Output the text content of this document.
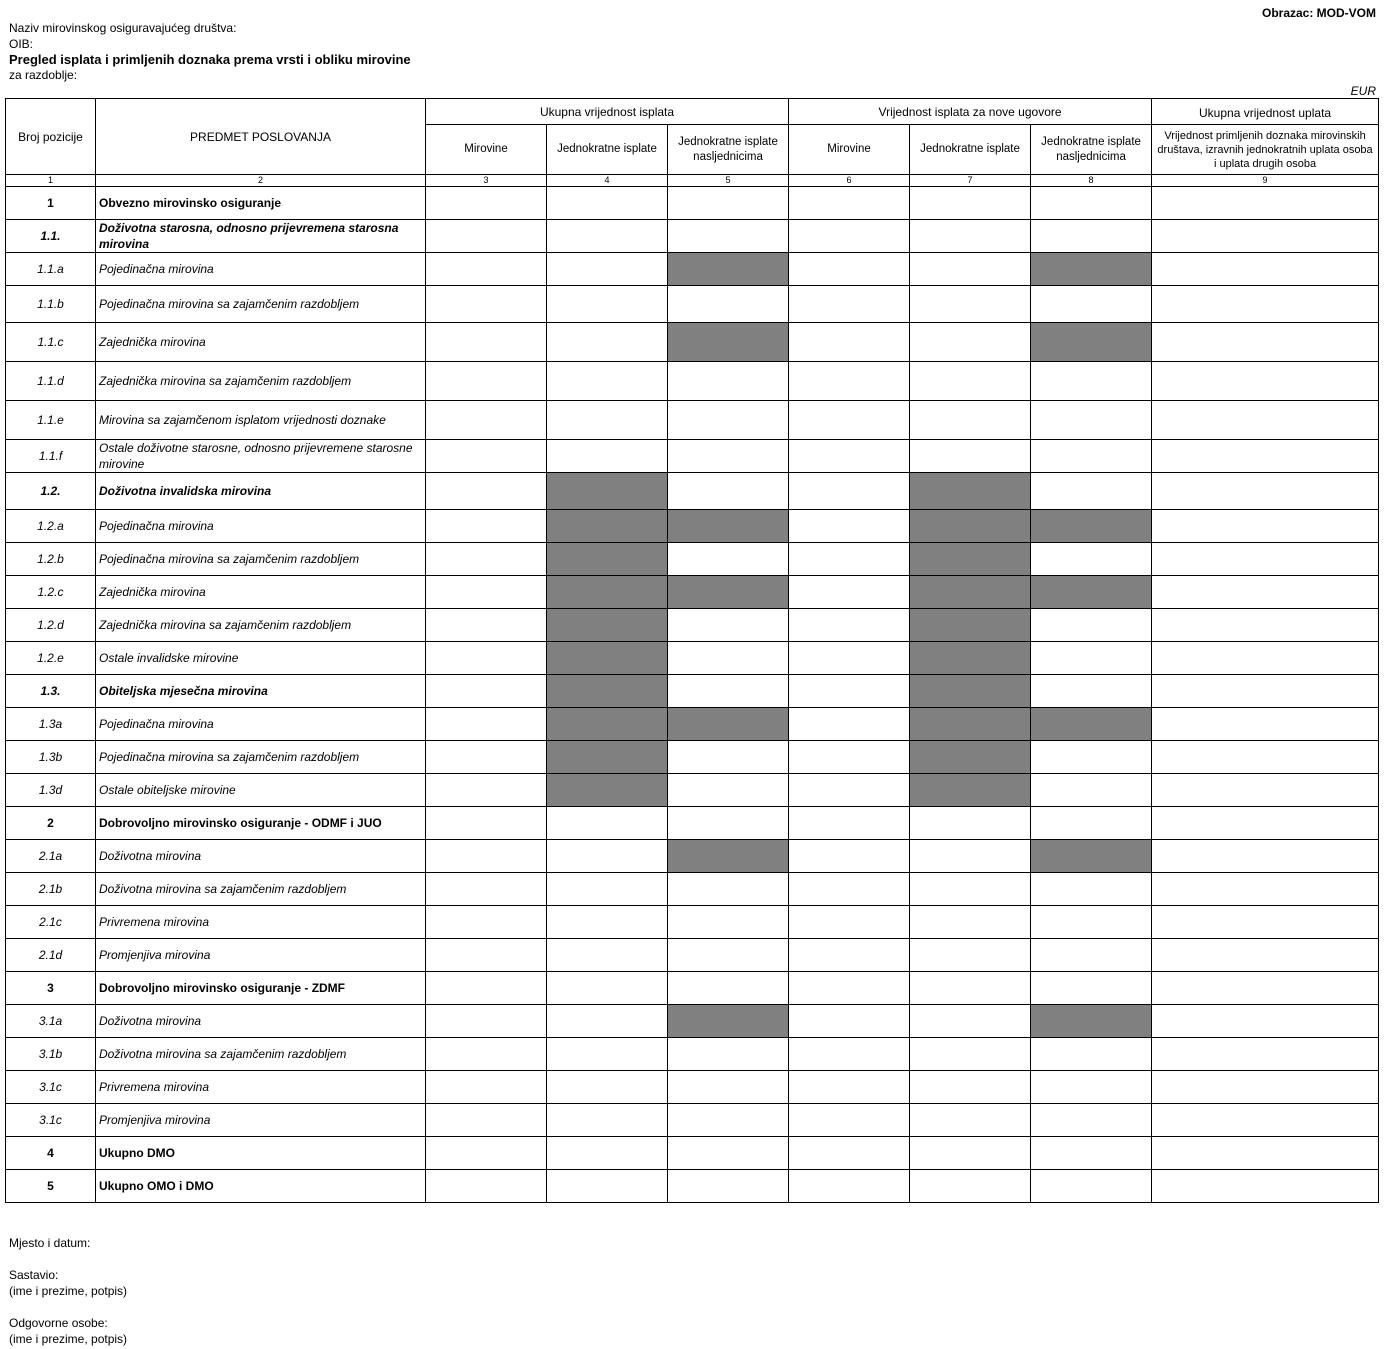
Obrazac: MOD-VOM
Naziv mirovinskog osiguravajućeg društva:
OIB:
Pregled isplata i primljenih doznaka prema vrsti i obliku mirovine
za razdoblje:
EUR
Broj pozicije	PREDMET POSLOVANJA	Ukupna vrijednost isplata			Vrijednost isplata za nove ugovore			Ukupna vrijednost uplata
		Mirovine	Jednokratne isplate	Jednokratne isplate nasljednicima	Mirovine	Jednokratne isplate	Jednokratne isplate nasljednicima	Vrijednost primljenih doznaka mirovinskih društava, izravnih jednokratnih uplata osoba i uplata drugih osoba
1	2	3	4	5	6	7	8	9
1	Obvezno mirovinsko osiguranje							
1.1.	Doživotna starosna, odnosno prijevremena starosna mirovina							
1.1.a	Pojedinačna mirovina							
1.1.b	Pojedinačna mirovina sa zajamčenim razdobljem							
1.1.c	Zajednička mirovina							
1.1.d	Zajednička mirovina sa zajamčenim razdobljem							
1.1.e	Mirovina sa zajamčenom isplatom vrijednosti doznake							
1.1.f	Ostale doživotne starosne, odnosno prijevremene starosne mirovine							
1.2.	Doživotna invalidska mirovina							
1.2.a	Pojedinačna mirovina							
1.2.b	Pojedinačna mirovina sa zajamčenim razdobljem							
1.2.c	Zajednička mirovina							
1.2.d	Zajednička mirovina sa zajamčenim razdobljem							
1.2.e	Ostale invalidske mirovine							
1.3.	Obiteljska mjesečna mirovina							
1.3a	Pojedinačna mirovina							
1.3b	Pojedinačna mirovina sa zajamčenim razdobljem							
1.3d	Ostale obiteljske mirovine							
2	Dobrovoljno mirovinsko osiguranje - ODMF i JUO							
2.1a	Doživotna mirovina							
2.1b	Doživotna mirovina sa zajamčenim razdobljem							
2.1c	Privremena mirovina							
2.1d	Promjenjiva mirovina							
3	Dobrovoljno mirovinsko osiguranje - ZDMF							
3.1a	Doživotna mirovina							
3.1b	Doživotna mirovina sa zajamčenim razdobljem							
3.1c	Privremena mirovina							
3.1c	Promjenjiva mirovina							
4	Ukupno DMO							
5	Ukupno OMO i DMO							
Mjesto i datum:
Sastavio:
(ime i prezime, potpis)
Odgovorne osobe:
(ime i prezime, potpis)
